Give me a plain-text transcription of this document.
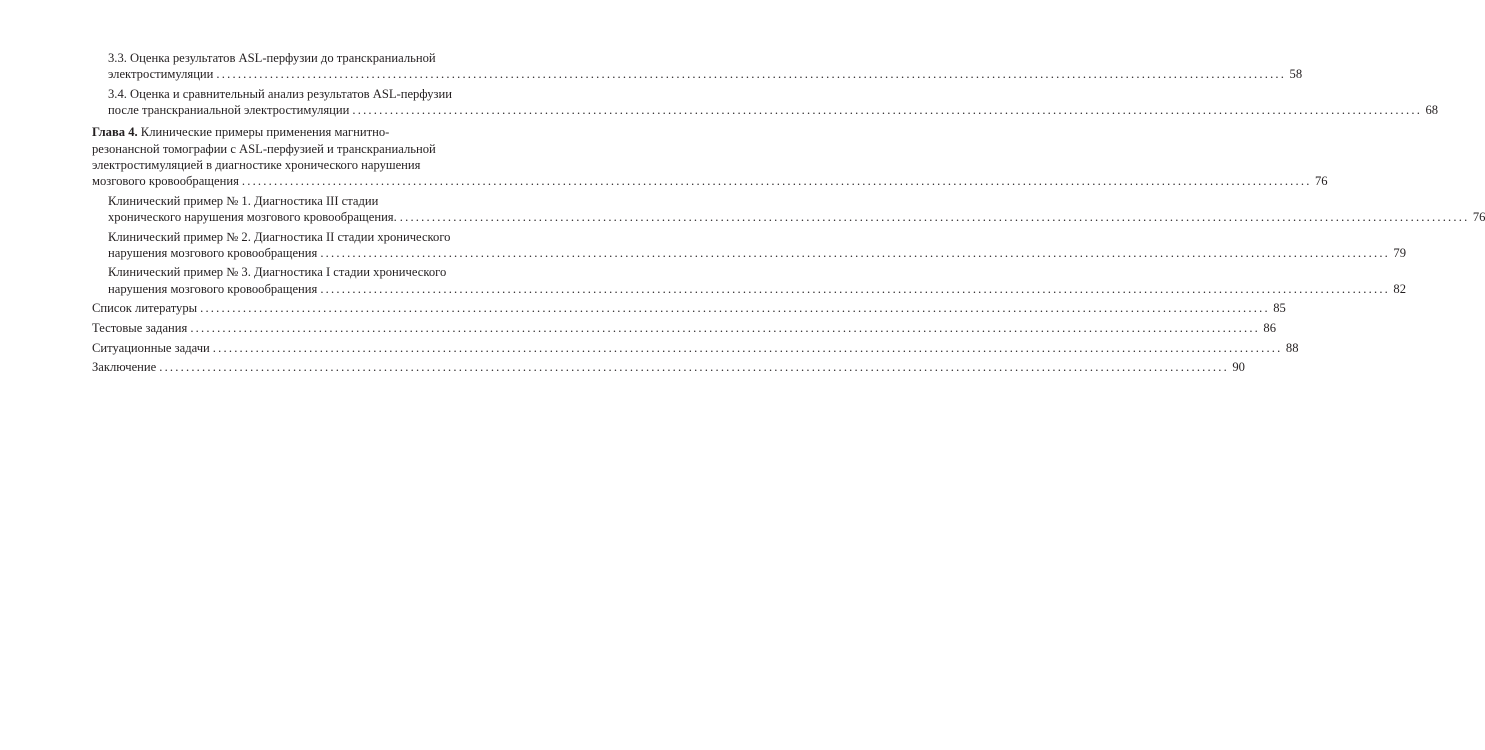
3.3. Оценка результатов ASL-перфузии до транскраниальной
электростимуляции ........................................................................................................................................................................................................ 58
3.4. Оценка и сравнительный анализ результатов ASL-перфузии
после транскраниальной электростимуляции ........................................................................................................................................................................................................ 68
Глава 4. Клинические примеры применения магнитно-
резонансной томографии с ASL-перфузией и транскраниальной
электростимуляцией в диагностике хронического нарушения
мозгового кровообращения ........................................................................................................................................................................................................ 76
Клинический пример № 1. Диагностика III стадии
хронического нарушения мозгового кровообращения. ........................................................................................................................................................................................................ 76
Клинический пример № 2. Диагностика II стадии хронического
нарушения мозгового кровообращения ........................................................................................................................................................................................................ 79
Клинический пример № 3. Диагностика I стадии хронического
нарушения мозгового кровообращения ........................................................................................................................................................................................................ 82
Список литературы ........................................................................................................................................................................................................ 85
Тестовые задания ........................................................................................................................................................................................................ 86
Ситуационные задачи ........................................................................................................................................................................................................ 88
Заключение ........................................................................................................................................................................................................ 90
